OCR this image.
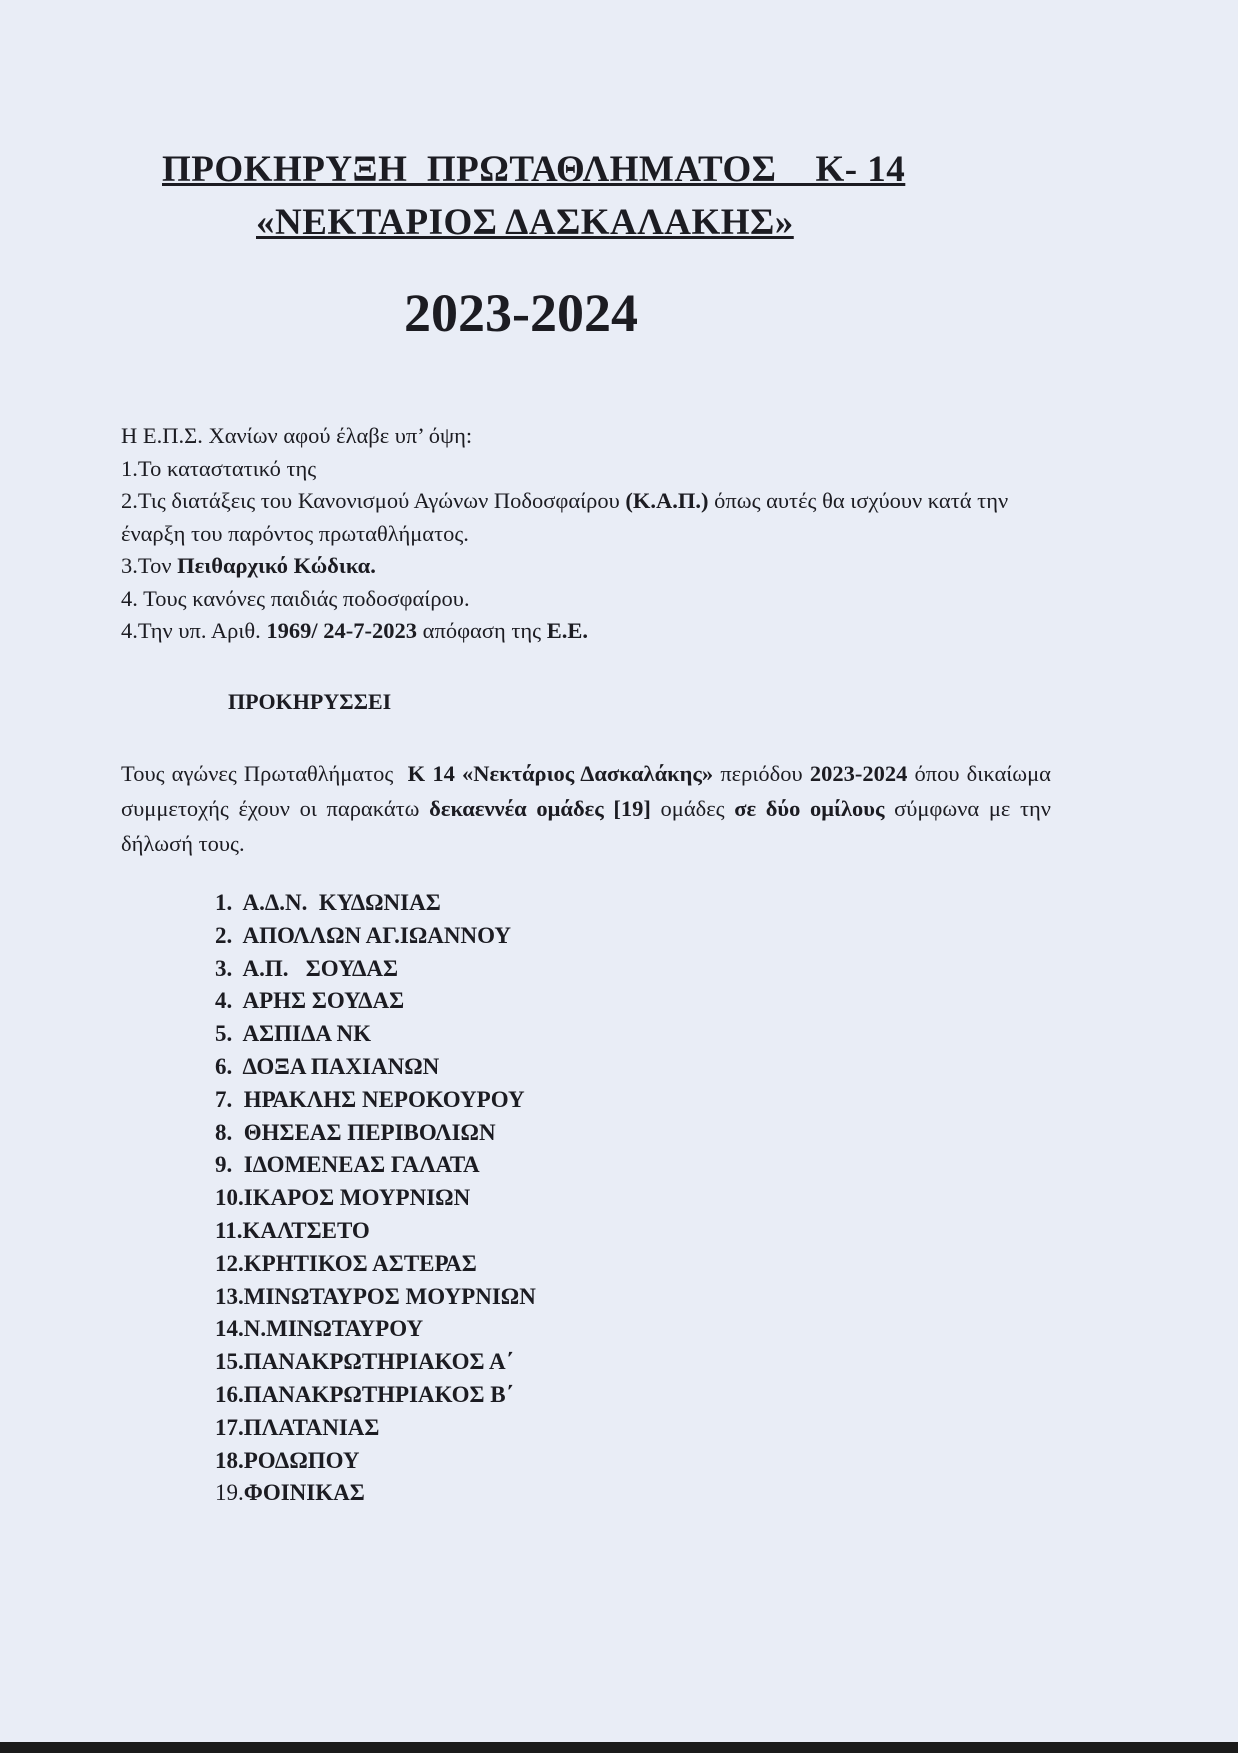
ΠΡΟΚΗΡΥΞΗ  ΠΡΩΤΑΘΛΗΜΑΤΟΣ    Κ- 14
«ΝΕΚΤΑΡΙΟΣ ΔΑΣΚΑΛΑΚΗΣ»
2023-2024

Η Ε.Π.Σ. Χανίων αφού έλαβε υπ’ όψη:

1.Το καταστατικό της

2.Τις διατάξεις του Κανονισμού Αγώνων Ποδοσφαίρου (Κ.Α.Π.) όπως αυτές θα ισχύουν κατά την έναρξη του παρόντος πρωταθλήματος.

3.Τον Πειθαρχικό Κώδικα.

4. Τους κανόνες παιδιάς ποδοσφαίρου.

4.Την υπ. Αριθ. 1969/ 24-7-2023 απόφαση της Ε.Ε.

ΠΡΟΚΗΡΥΣΣΕΙ
Τους αγώνες Πρωταθλήματος  Κ 14 «Νεκτάριος Δασκαλάκης» περιόδου 2023-2024 όπου δικαίωμα συμμετοχής έχουν οι παρακάτω δεκαεννέα ομάδες [19] ομάδες σε δύο ομίλους σύμφωνα με την δήλωσή τους.
1.  Α.Δ.Ν.  ΚΥΔΩΝΙΑΣ
2.  ΑΠΟΛΛΩΝ ΑΓ.ΙΩΑΝΝΟΥ
3.  Α.Π.   ΣΟΥΔΑΣ
4.  ΑΡΗΣ ΣΟΥΔΑΣ
5.  ΑΣΠΙΔΑ ΝΚ
6.  ΔΟΞΑ ΠΑΧΙΑΝΩΝ
7.  ΗΡΑΚΛΗΣ ΝΕΡΟΚΟΥΡΟΥ
8.  ΘΗΣΕΑΣ ΠΕΡΙΒΟΛΙΩΝ
9.  ΙΔΟΜΕΝΕΑΣ ΓΑΛΑΤΑ
10.ΙΚΑΡΟΣ ΜΟΥΡΝΙΩΝ
11.ΚΑΛΤΣΕΤΟ
12.ΚΡΗΤΙΚΟΣ ΑΣΤΕΡΑΣ
13.ΜΙΝΩΤΑΥΡΟΣ ΜΟΥΡΝΙΩΝ
14.Ν.ΜΙΝΩΤΑΥΡΟΥ
15.ΠΑΝΑΚΡΩΤΗΡΙΑΚΟΣ Α΄
16.ΠΑΝΑΚΡΩΤΗΡΙΑΚΟΣ Β΄
17.ΠΛΑΤΑΝΙΑΣ
18.ΡΟΔΩΠΟΥ
19.ΦΟΙΝΙΚΑΣ
